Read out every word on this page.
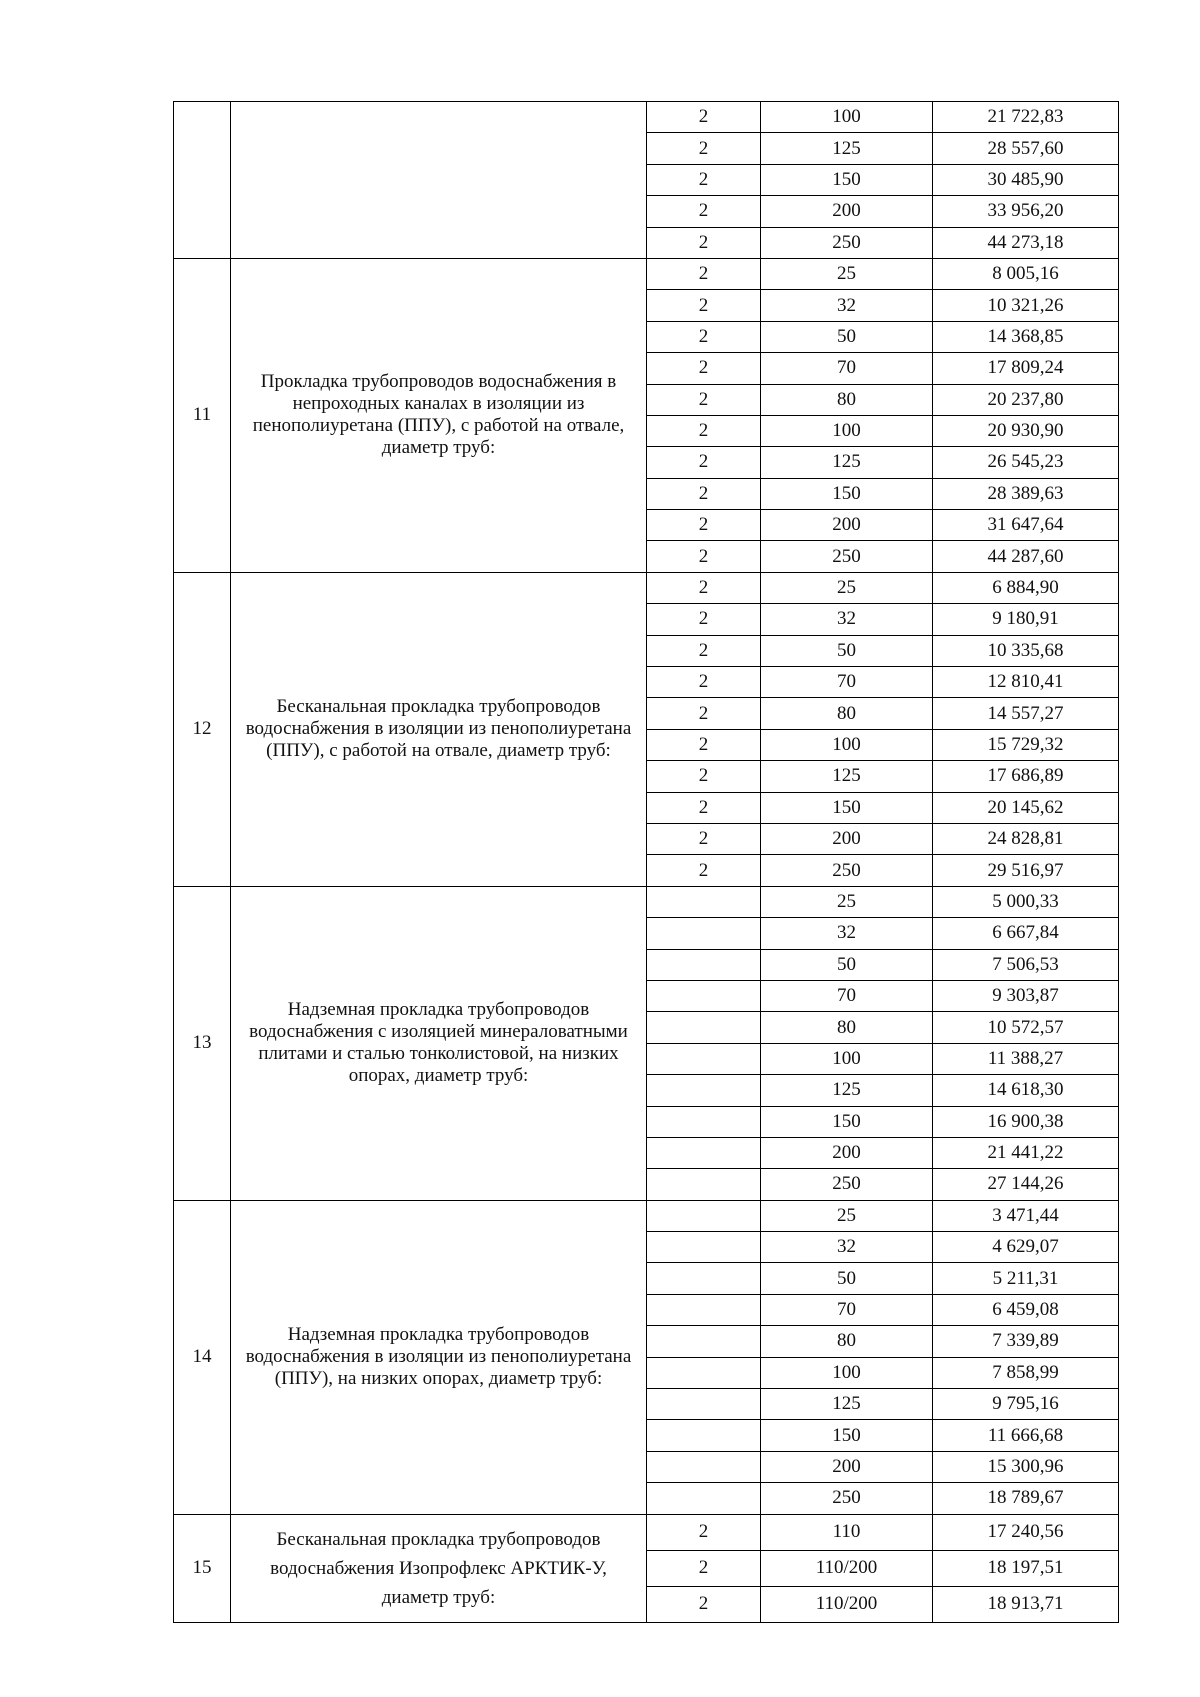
		2	100	21 722,83
		2	125	28 557,60
		2	150	30 485,90
		2	200	33 956,20
		2	250	44 273,18
11	Прокладка трубопроводов водоснабжения в непроходных каналах в изоляции из пенополиуретана (ППУ), с работой на отвале, диаметр труб:	2	25	8 005,16
		2	32	10 321,26
		2	50	14 368,85
		2	70	17 809,24
		2	80	20 237,80
		2	100	20 930,90
		2	125	26 545,23
		2	150	28 389,63
		2	200	31 647,64
		2	250	44 287,60
12	Бесканальная прокладка трубопроводов водоснабжения в изоляции из пенополиуретана (ППУ), с работой на отвале, диаметр труб:	2	25	6 884,90
		2	32	9 180,91
		2	50	10 335,68
		2	70	12 810,41
		2	80	14 557,27
		2	100	15 729,32
		2	125	17 686,89
		2	150	20 145,62
		2	200	24 828,81
		2	250	29 516,97
13	Надземная прокладка трубопроводов водоснабжения с изоляцией минераловатными плитами и сталью тонколистовой, на низких опорах, диаметр труб:		25	5 000,33
			32	6 667,84
			50	7 506,53
			70	9 303,87
			80	10 572,57
			100	11 388,27
			125	14 618,30
			150	16 900,38
			200	21 441,22
			250	27 144,26
14	Надземная прокладка трубопроводов водоснабжения в изоляции из пенополиуретана (ППУ), на низких опорах, диаметр труб:		25	3 471,44
			32	4 629,07
			50	5 211,31
			70	6 459,08
			80	7 339,89
			100	7 858,99
			125	9 795,16
			150	11 666,68
			200	15 300,96
			250	18 789,67
15	Бесканальная прокладка трубопроводов водоснабжения Изопрофлекс АРКТИК-У, диаметр труб:	2	110	17 240,56
		2	110/200	18 197,51
		2	110/200	18 913,71
